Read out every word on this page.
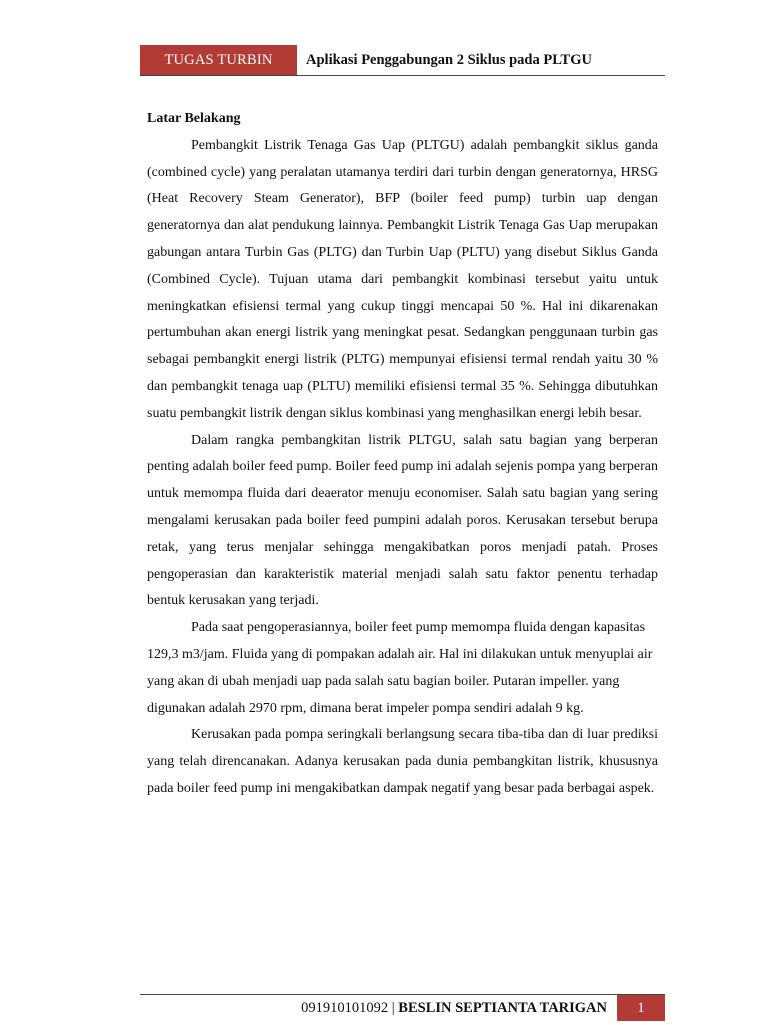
TUGAS TURBIN	Aplikasi Penggabungan 2 Siklus pada PLTGU

Latar Belakang

Pembangkit Listrik Tenaga Gas Uap (PLTGU) adalah pembangkit siklus ganda (combined cycle) yang peralatan utamanya terdiri dari turbin dengan generatornya, HRSG (Heat Recovery Steam Generator), BFP (boiler feed pump) turbin uap dengan generatornya dan alat pendukung lainnya. Pembangkit Listrik Tenaga Gas Uap merupakan gabungan antara Turbin Gas (PLTG) dan Turbin Uap (PLTU) yang disebut Siklus Ganda (Combined Cycle). Tujuan utama dari pembangkit kombinasi tersebut yaitu untuk meningkatkan efisiensi termal yang cukup tinggi mencapai 50 %. Hal ini dikarenakan pertumbuhan akan energi listrik yang meningkat pesat. Sedangkan penggunaan turbin gas sebagai pembangkit energi listrik (PLTG) mempunyai efisiensi termal rendah yaitu 30 % dan pembangkit tenaga uap (PLTU) memiliki efisiensi termal 35 %. Sehingga dibutuhkan suatu pembangkit listrik dengan siklus kombinasi yang menghasilkan energi lebih besar.

Dalam rangka pembangkitan listrik PLTGU, salah satu bagian yang berperan penting adalah boiler feed pump. Boiler feed pump ini adalah sejenis pompa yang berperan untuk memompa fluida dari deaerator menuju economiser. Salah satu bagian yang sering mengalami kerusakan pada boiler feed pumpini adalah poros. Kerusakan tersebut berupa retak, yang terus menjalar sehingga mengakibatkan poros menjadi patah. Proses pengoperasian dan karakteristik material menjadi salah satu faktor penentu terhadap bentuk kerusakan yang terjadi.

Pada saat pengoperasiannya, boiler feet pump memompa fluida dengan kapasitas 129,3 m3/jam. Fluida yang di pompakan adalah air. Hal ini dilakukan untuk menyuplai air yang akan di ubah menjadi uap pada salah satu bagian boiler. Putaran impeller. yang digunakan adalah 2970 rpm, dimana berat impeler pompa sendiri adalah 9 kg.

Kerusakan pada pompa seringkali berlangsung secara tiba-tiba dan di luar prediksi yang telah direncanakan. Adanya kerusakan pada dunia pembangkitan listrik, khususnya pada boiler feed pump ini mengakibatkan dampak negatif yang besar pada berbagai aspek.

091910101092 | BESLIN SEPTIANTA TARIGAN	1
